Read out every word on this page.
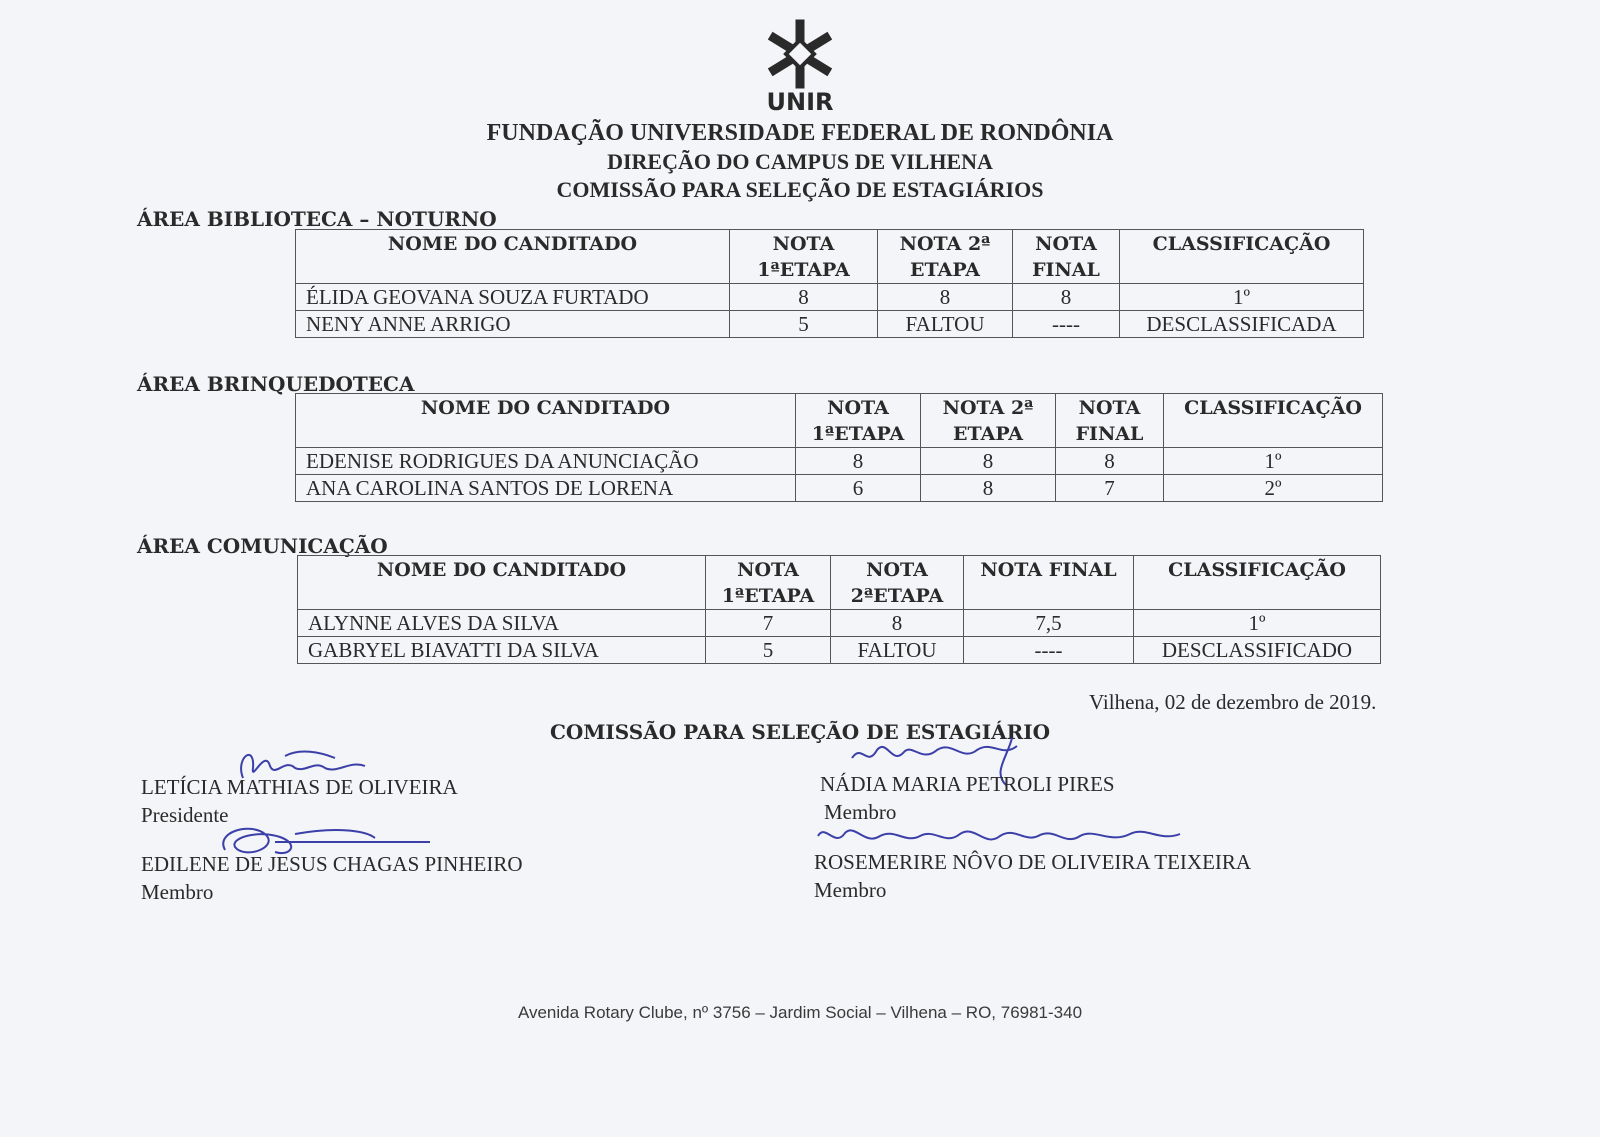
UNIR
FUNDAÇÃO UNIVERSIDADE FEDERAL DE RONDÔNIA
DIREÇÃO DO CAMPUS DE VILHENA
COMISSÃO PARA SELEÇÃO DE ESTAGIÁRIOS
ÁREA BIBLIOTECA – NOTURNO
NOME DO CANDITADO	NOTA 1ªETAPA	NOTA 2ª ETAPA	NOTA FINAL	CLASSIFICAÇÃO
ÉLIDA GEOVANA SOUZA FURTADO	8	8	8	1º
NENY ANNE ARRIGO	5	FALTOU	----	DESCLASSIFICADA
ÁREA BRINQUEDOTECA
NOME DO CANDITADO	NOTA 1ªETAPA	NOTA 2ª ETAPA	NOTA FINAL	CLASSIFICAÇÃO
EDENISE RODRIGUES DA ANUNCIAÇÃO	8	8	8	1º
ANA CAROLINA SANTOS DE LORENA	6	8	7	2º
ÁREA COMUNICAÇÃO
NOME DO CANDITADO	NOTA 1ªETAPA	NOTA 2ªETAPA	NOTA FINAL	CLASSIFICAÇÃO
ALYNNE ALVES DA SILVA	7	8	7,5	1º
GABRYEL BIAVATTI DA SILVA	5	FALTOU	----	DESCLASSIFICADO
Vilhena, 02 de dezembro de 2019.
COMISSÃO PARA SELEÇÃO DE ESTAGIÁRIO
LETÍCIA MATHIAS DE OLIVEIRA
Presidente
EDILENE DE JESUS CHAGAS PINHEIRO
Membro
NÁDIA MARIA PETROLI PIRES
Membro
ROSEMERIRE NÔVO DE OLIVEIRA TEIXEIRA
Membro
Avenida Rotary Clube, nº 3756 – Jardim Social – Vilhena – RO, 76981-340
